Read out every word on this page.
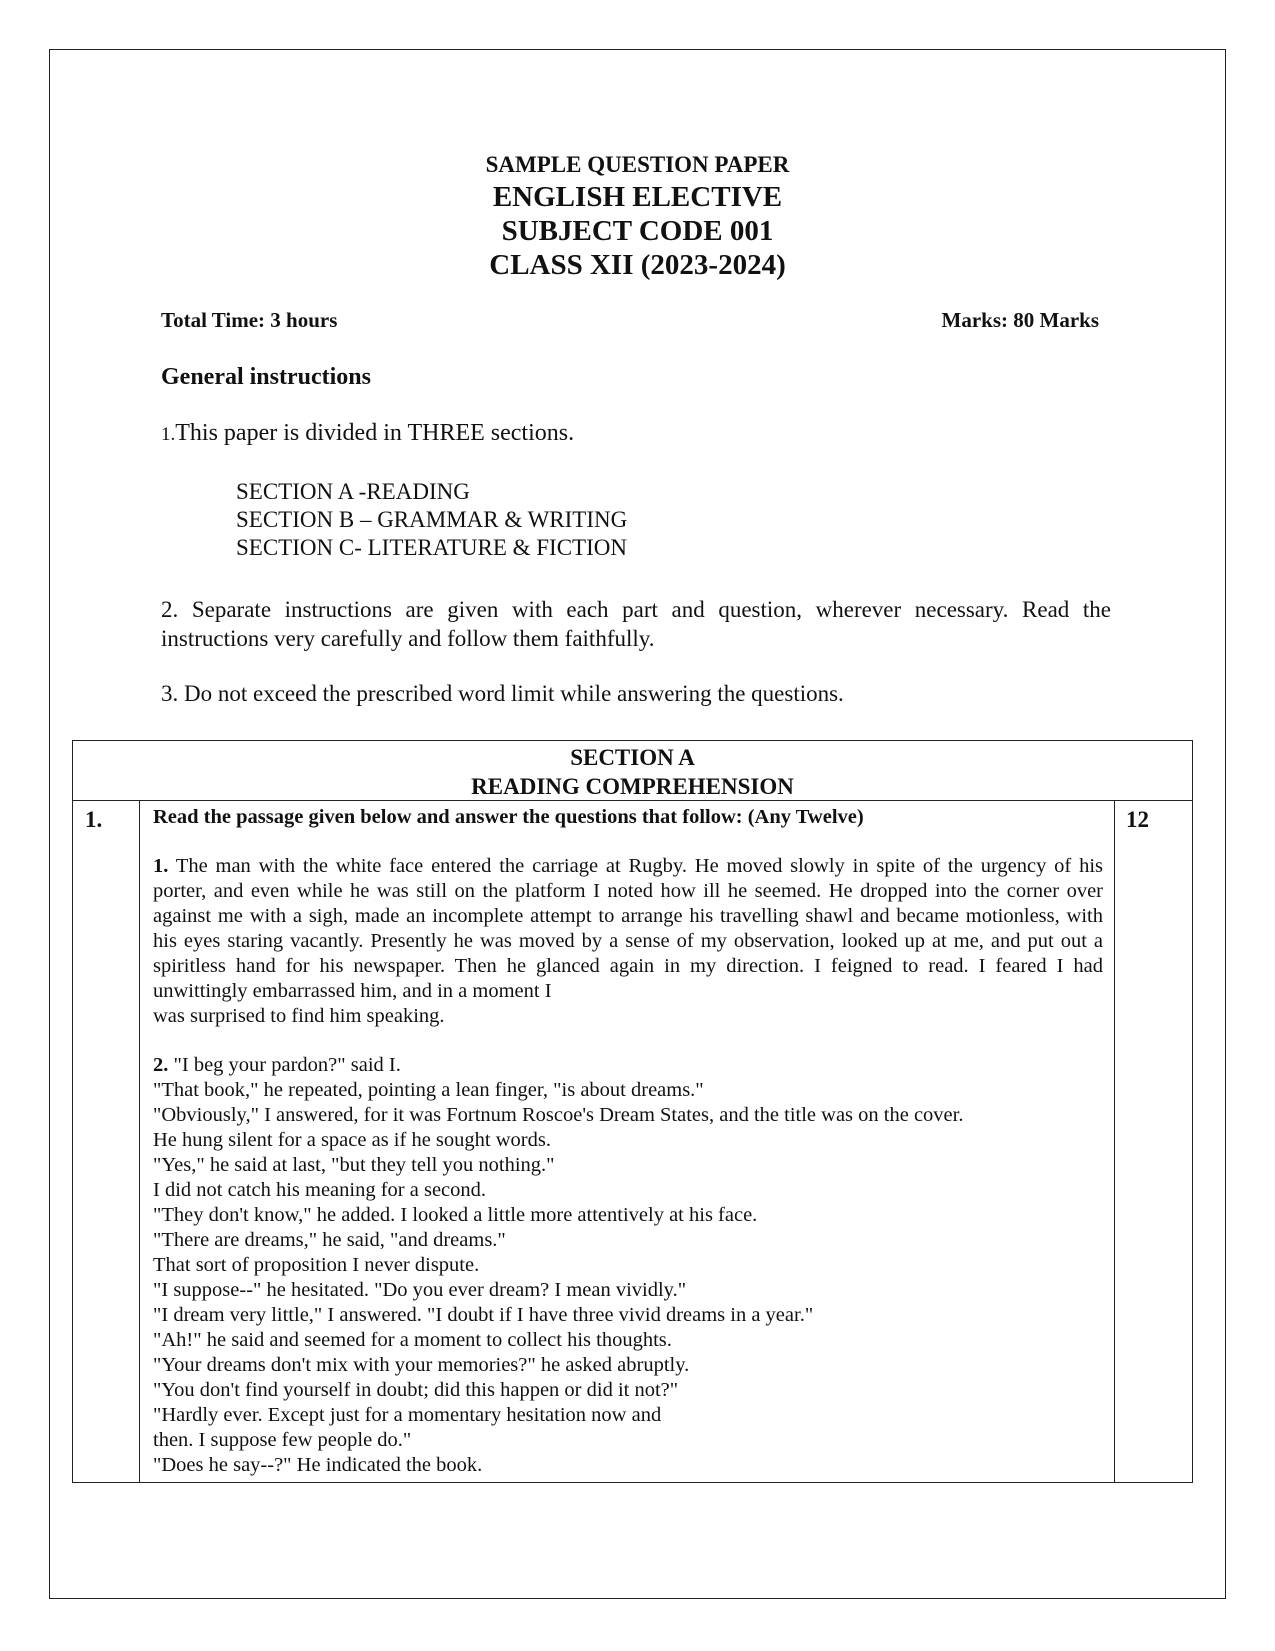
SAMPLE QUESTION PAPER
ENGLISH ELECTIVE
SUBJECT CODE 001
CLASS XII (2023-2024)
Total Time: 3 hours	Marks: 80 Marks
General instructions
1.This paper is divided in THREE sections.
SECTION A -READING
SECTION B – GRAMMAR & WRITING
SECTION C- LITERATURE & FICTION
2. Separate instructions are given with each part and question, wherever necessary. Read the instructions very carefully and follow them faithfully.
3. Do not exceed the prescribed word limit while answering the questions.
SECTION A
READING COMPREHENSION
1.	12
Read the passage given below and answer the questions that follow: (Any Twelve)

1. The man with the white face entered the carriage at Rugby. He moved slowly in spite of the urgency of his porter, and even while he was still on the platform I noted how ill he seemed. He dropped into the corner over against me with a sigh, made an incomplete attempt to arrange his travelling shawl and became motionless, with his eyes staring vacantly. Presently he was moved by a sense of my observation, looked up at me, and put out a spiritless hand for his newspaper. Then he glanced again in my direction. I feigned to read. I feared I had unwittingly embarrassed him, and in a moment I
was surprised to find him speaking.

2. "I beg your pardon?" said I.
"That book," he repeated, pointing a lean finger, "is about dreams."
"Obviously," I answered, for it was Fortnum Roscoe's Dream States, and the title was on the cover.
He hung silent for a space as if he sought words.
"Yes," he said at last, "but they tell you nothing."
I did not catch his meaning for a second.
"They don't know," he added. I looked a little more attentively at his face.
"There are dreams," he said, "and dreams."
That sort of proposition I never dispute.
"I suppose--" he hesitated. "Do you ever dream? I mean vividly."
"I dream very little," I answered. "I doubt if I have three vivid dreams in a year."
"Ah!" he said and seemed for a moment to collect his thoughts.
"Your dreams don't mix with your memories?" he asked abruptly.
"You don't find yourself in doubt; did this happen or did it not?"
"Hardly ever. Except just for a momentary hesitation now and
then. I suppose few people do."
"Does he say--?" He indicated the book.
